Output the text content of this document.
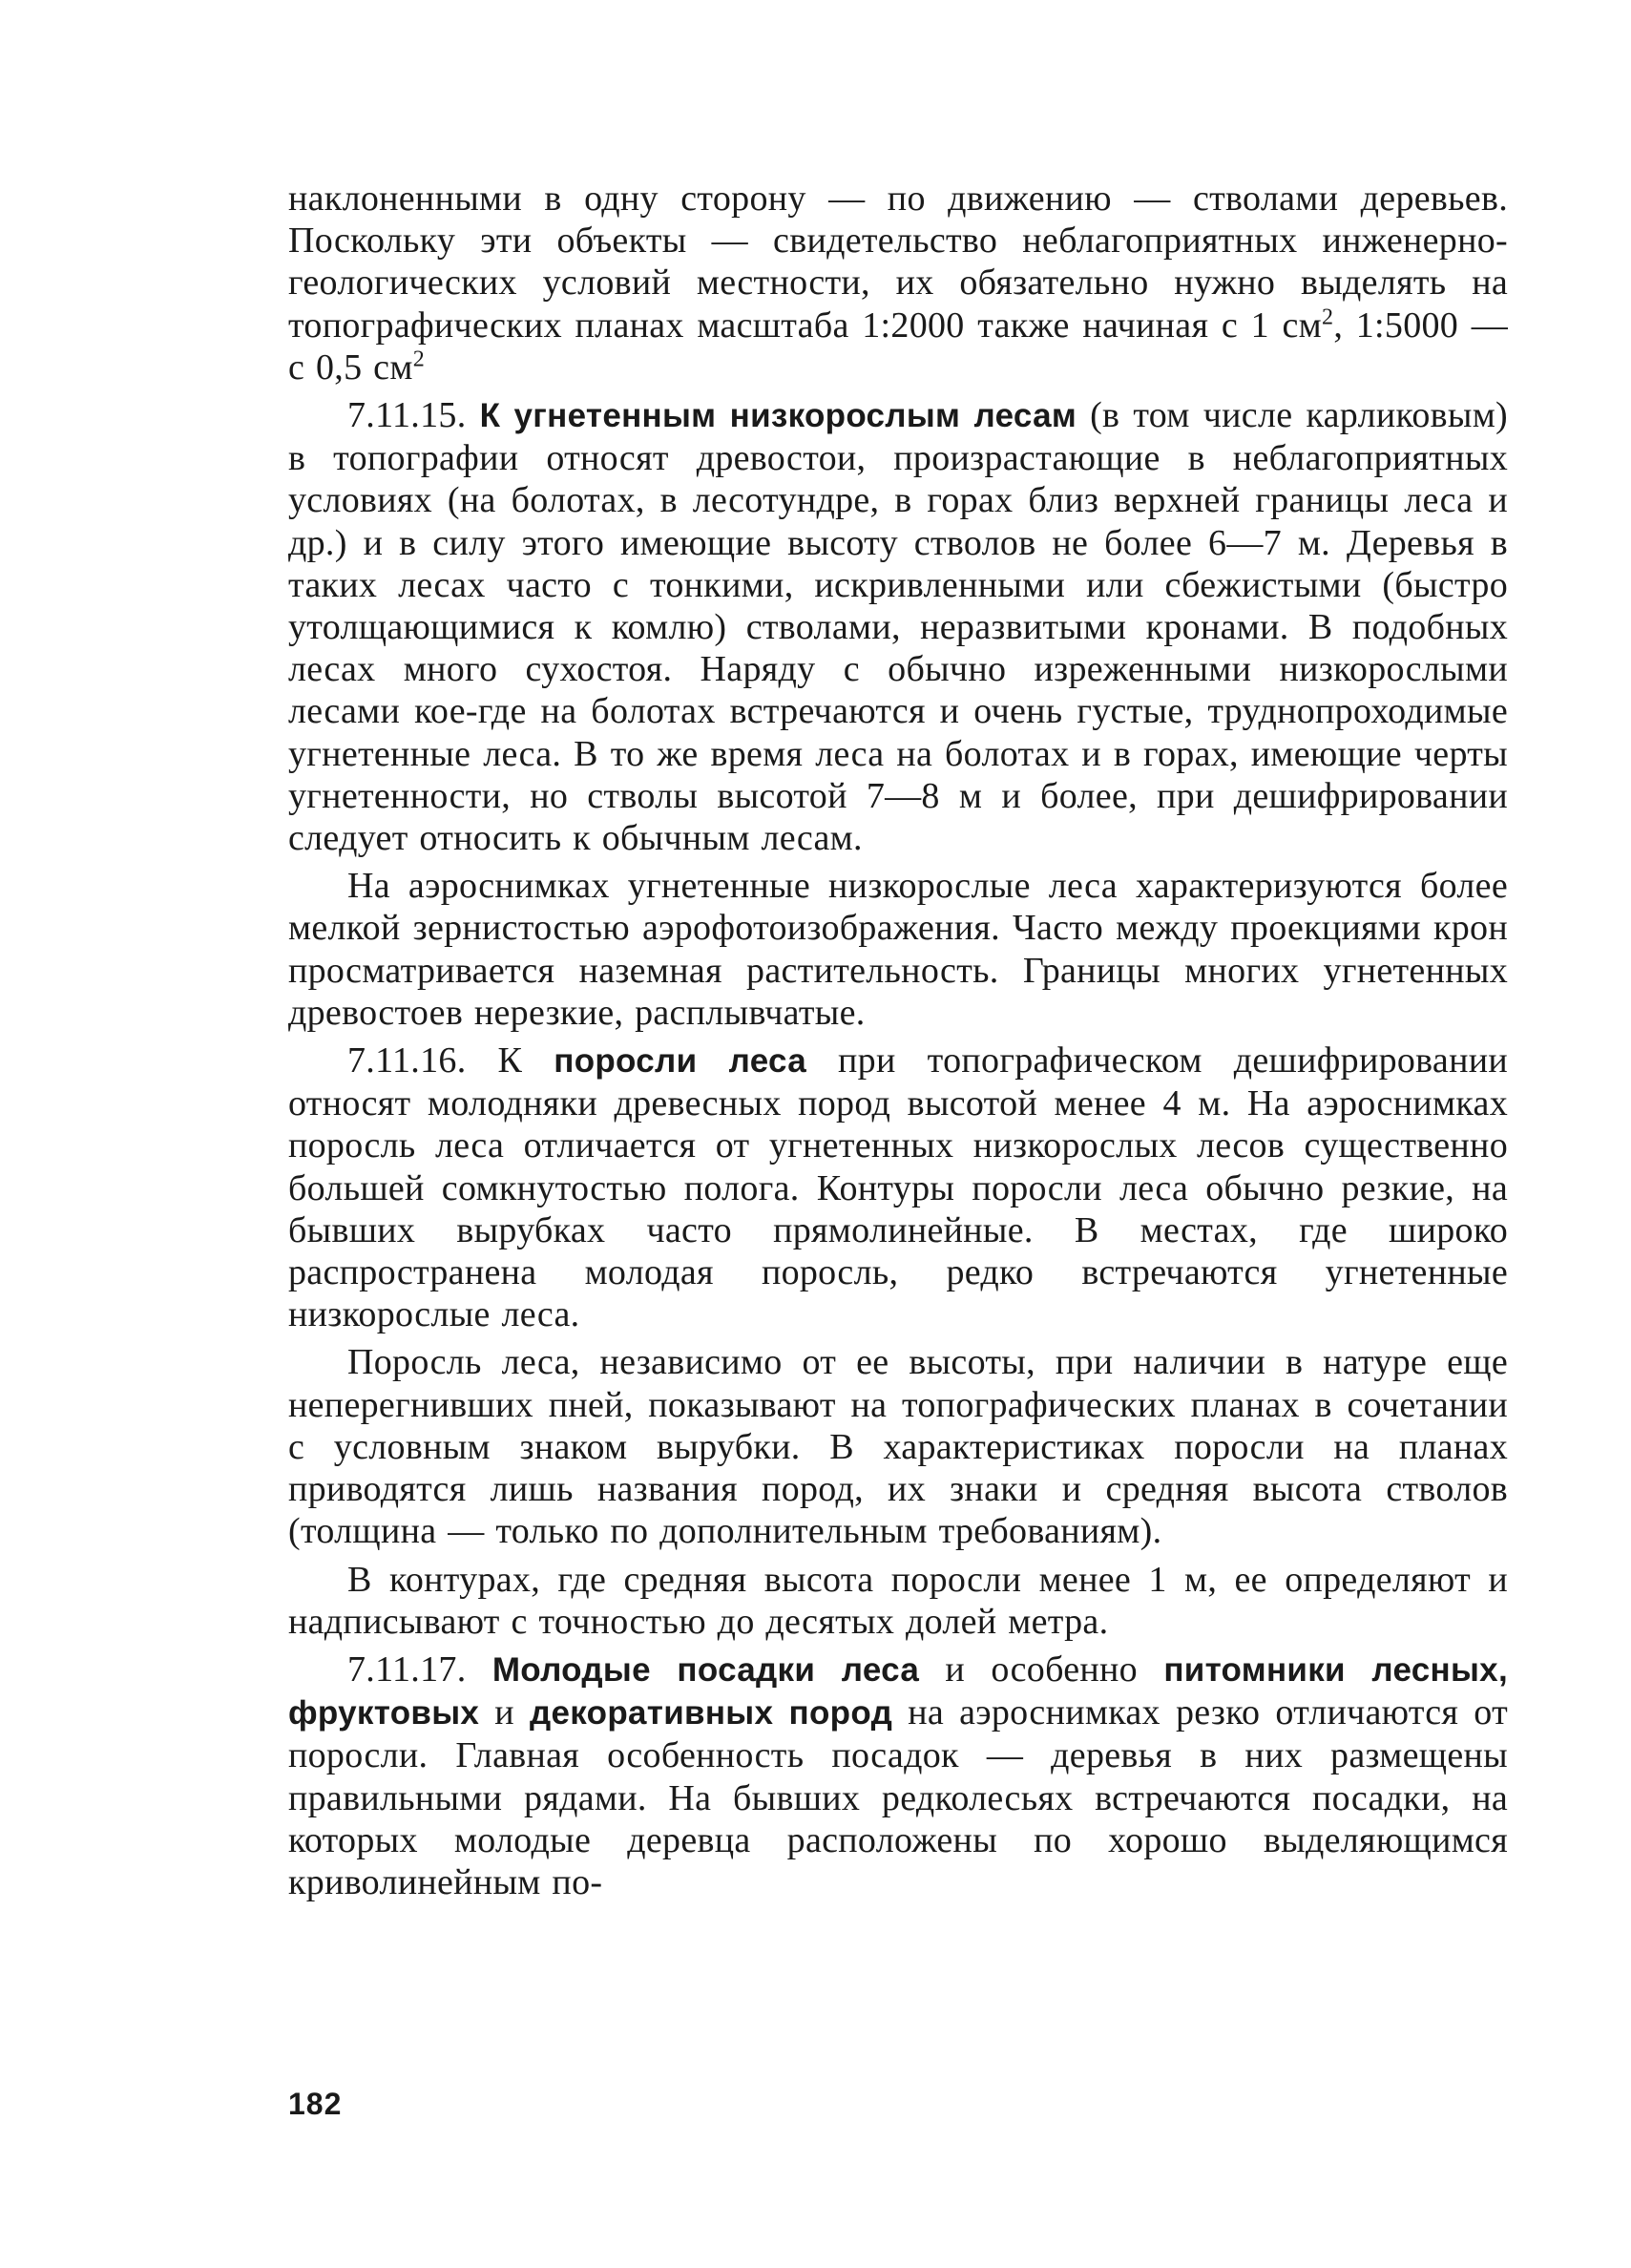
наклоненными в одну сторону — по движению — стволами деревьев. Поскольку эти объекты — свидетельство неблагоприятных инженерно-геологических условий местности, их обязательно нужно выделять на топографических планах масштаба 1:2000 также начиная с 1 $см^2$, 1:5000 — с 0,5 $см^2$

7.11.15. К угнетенным низкорослым лесам (в том числе карликовым) в топографии относят древостои, произрастающие в неблагоприятных условиях (на болотах, в лесотундре, в горах близ верхней границы леса и др.) и в силу этого имеющие высоту стволов не более 6—7 м. Деревья в таких лесах часто с тонкими, искривленными или сбежистыми (быстро утолщающимися к комлю) стволами, неразвитыми кронами. В подобных лесах много сухостоя. Наряду с обычно изреженными низкорослыми лесами кое-где на болотах встречаются и очень густые, труднопроходимые угнетенные леса. В то же время леса на болотах и в горах, имеющие черты угнетенности, но стволы высотой 7—8 м и более, при дешифрировании следует относить к обычным лесам.

На аэроснимках угнетенные низкорослые леса характеризуются более мелкой зернистостью аэрофотоизображения. Часто между проекциями крон просматривается наземная растительность. Границы многих угнетенных древостоев нерезкие, расплывчатые.

7.11.16. К поросли леса при топографическом дешифрировании относят молодняки древесных пород высотой менее 4 м. На аэроснимках поросль леса отличается от угнетенных низкорослых лесов существенно большей сомкнутостью полога. Контуры поросли леса обычно резкие, на бывших вырубках часто прямолинейные. В местах, где широко распространена молодая поросль, редко встречаются угнетенные низкорослые леса.

Поросль леса, независимо от ее высоты, при наличии в натуре еще неперегнивших пней, показывают на топографических планах в сочетании с условным знаком вырубки. В характеристиках поросли на планах приводятся лишь названия пород, их знаки и средняя высота стволов (толщина — только по дополнительным требованиям).

В контурах, где средняя высота поросли менее 1 м, ее определяют и надписывают с точностью до десятых долей метра.

7.11.17. Молодые посадки леса и особенно питомники лесных, фруктовых и декоративных пород на аэроснимках резко отличаются от поросли. Главная особенность посадок — деревья в них размещены правильными рядами. На бывших редколесьях встречаются посадки, на которых молодые деревца расположены по хорошо выделяющимся криволинейным по-

182
